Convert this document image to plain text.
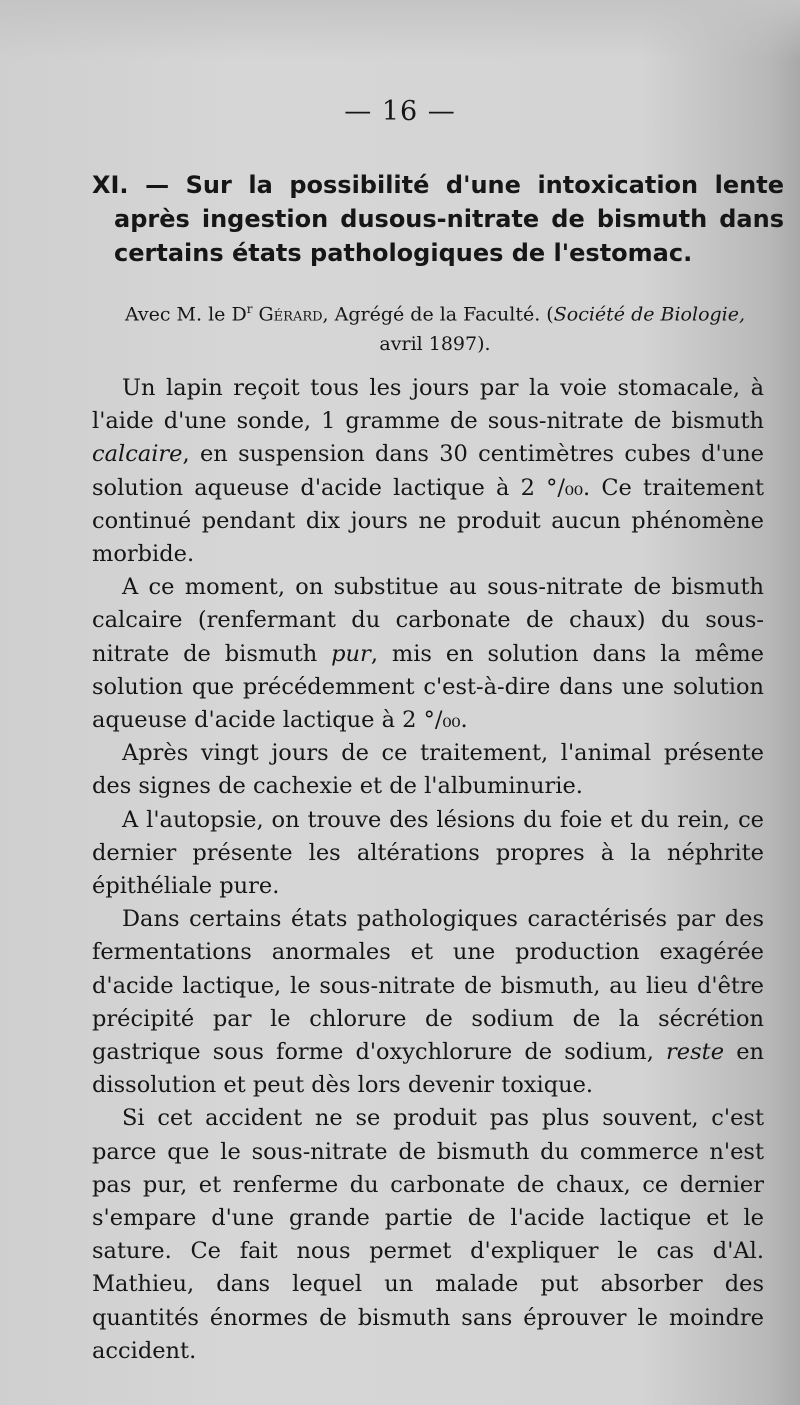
— 16 —
XI. — Sur la possibilité d'une intoxication lente après ingestion dusous-nitrate de bismuth dans certains états pathologiques de l'estomac.
Avec M. le $D^r$ Gérard, Agrégé de la Faculté. (Société de Biologie,
avril 1897).

Un lapin reçoit tous les jours par la voie stomacale, à l'aide d'une sonde, 1 gramme de sous-nitrate de bismuth calcaire, en suspension dans 30 centimètres cubes d'une solution aqueuse d'acide lactique à 2 °/₀₀. Ce traitement continué pendant dix jours ne produit aucun phénomène morbide.

A ce moment, on substitue au sous-nitrate de bismuth calcaire (renfermant du carbonate de chaux) du sous-nitrate de bismuth pur, mis en solution dans la même solution que précédemment c'est-à-dire dans une solution aqueuse d'acide lactique à 2 °/₀₀.

Après vingt jours de ce traitement, l'animal présente des signes de cachexie et de l'albuminurie.

A l'autopsie, on trouve des lésions du foie et du rein, ce dernier présente les altérations propres à la néphrite épithéliale pure.

Dans certains états pathologiques caractérisés par des fermentations anormales et une production exagérée d'acide lactique, le sous-nitrate de bismuth, au lieu d'être précipité par le chlorure de sodium de la sécrétion gastrique sous forme d'oxychlorure de sodium, reste en dissolution et peut dès lors devenir toxique.

Si cet accident ne se produit pas plus souvent, c'est parce que le sous-nitrate de bismuth du commerce n'est pas pur, et renferme du carbonate de chaux, ce dernier s'empare d'une grande partie de l'acide lactique et le sature. Ce fait nous permet d'expliquer le cas d'Al. Mathieu, dans lequel un malade put absorber des quantités énormes de bismuth sans éprouver le moindre accident.
